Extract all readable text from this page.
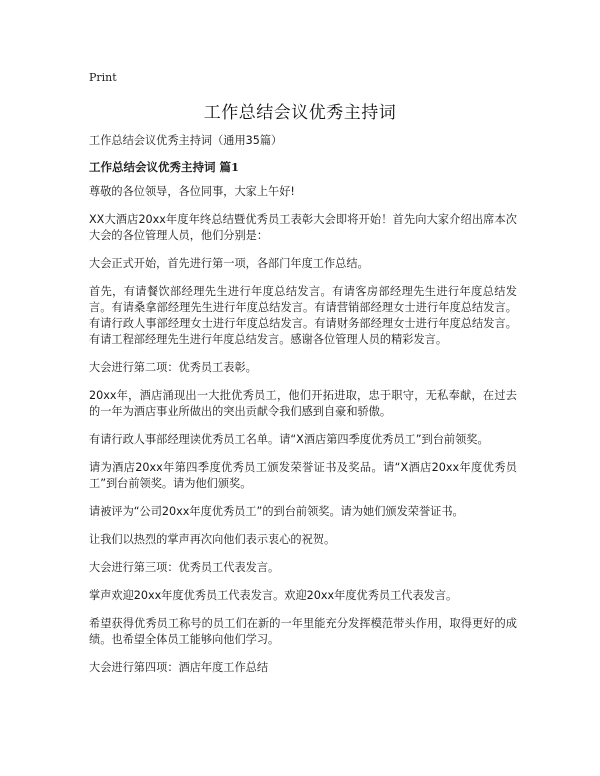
Print
工作总结会议优秀主持词

工作总结会议优秀主持词（通用35篇）

工作总结会议优秀主持词 篇1

尊敬的各位领导，各位同事，大家上午好!

XX大酒店20xx年度年终总结暨优秀员工表彰大会即将开始！首先向大家介绍出席本次大会的各位管理人员，他们分别是：

大会正式开始，首先进行第一项，各部门年度工作总结。

首先，有请餐饮部经理先生进行年度总结发言。有请客房部经理先生进行年度总结发言。有请桑拿部经理先生进行年度总结发言。有请营销部经理女士进行年度总结发言。有请行政人事部经理女士进行年度总结发言。有请财务部经理女士进行年度总结发言。有请工程部经理先生进行年度总结发言。感谢各位管理人员的精彩发言。

大会进行第二项：优秀员工表彰。

20xx年，酒店涌现出一大批优秀员工，他们开拓进取，忠于职守，无私奉献，在过去的一年为酒店事业所做出的突出贡献令我们感到自豪和骄傲。

有请行政人事部经理读优秀员工名单。请“X酒店第四季度优秀员工”到台前领奖。

请为酒店20xx年第四季度优秀员工颁发荣誉证书及奖品。请“X酒店20xx年度优秀员工”到台前领奖。请为他们颁奖。

请被评为“公司20xx年度优秀员工”的到台前领奖。请为她们颁发荣誉证书。

让我们以热烈的掌声再次向他们表示衷心的祝贺。

大会进行第三项：优秀员工代表发言。

掌声欢迎20xx年度优秀员工代表发言。欢迎20xx年度优秀员工代表发言。

希望获得优秀员工称号的员工们在新的一年里能充分发挥模范带头作用，取得更好的成绩。也希望全体员工能够向他们学习。

大会进行第四项：酒店年度工作总结
